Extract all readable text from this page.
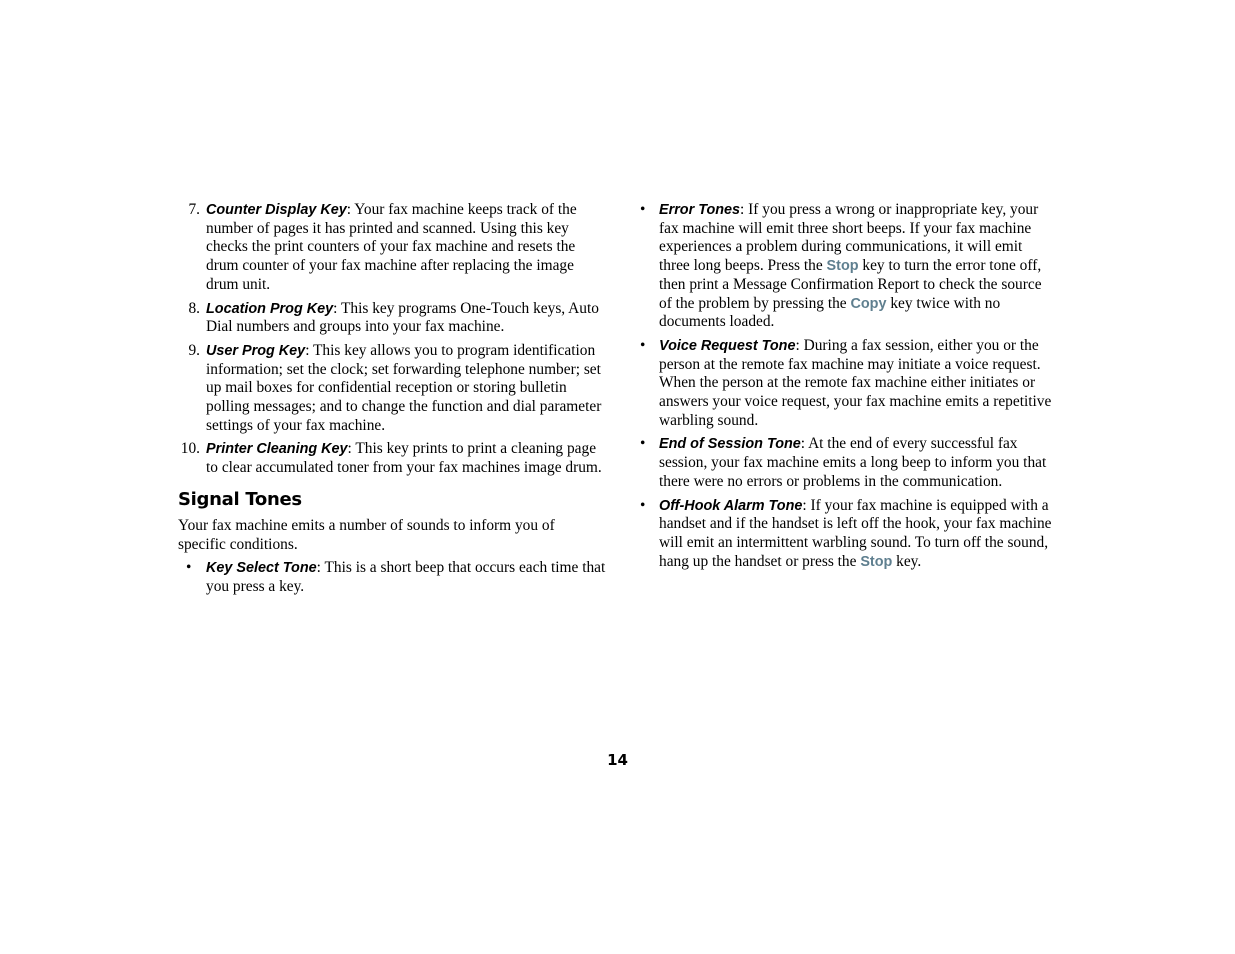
7. Counter Display Key: Your fax machine keeps track of the number of pages it has printed and scanned. Using this key checks the print counters of your fax machine and resets the drum counter of your fax machine after replacing the image drum unit.
8. Location Prog Key: This key programs One-Touch keys, Auto Dial numbers and groups into your fax machine.
9. User Prog Key: This key allows you to program identification information; set the clock; set forwarding telephone number; set up mail boxes for confidential reception or storing bulletin polling messages; and to change the function and dial parameter settings of your fax machine.
10. Printer Cleaning Key: This key prints to print a cleaning page to clear accumulated toner from your fax machines image drum.
Signal Tones

Your fax machine emits a number of sounds to inform you of specific conditions.

• Key Select Tone: This is a short beep that occurs each time that you press a key.
• Error Tones: If you press a wrong or inappropriate key, your fax machine will emit three short beeps. If your fax machine experiences a problem during communications, it will emit three long beeps. Press the Stop key to turn the error tone off, then print a Message Confirmation Report to check the source of the problem by pressing the Copy key twice with no documents loaded.
• Voice Request Tone: During a fax session, either you or the person at the remote fax machine may initiate a voice request. When the person at the remote fax machine either initiates or answers your voice request, your fax machine emits a repetitive warbling sound.
• End of Session Tone: At the end of every successful fax session, your fax machine emits a long beep to inform you that there were no errors or problems in the communication.
• Off-Hook Alarm Tone: If your fax machine is equipped with a handset and if the handset is left off the hook, your fax machine will emit an intermittent warbling sound. To turn off the sound, hang up the handset or press the Stop key.
14
